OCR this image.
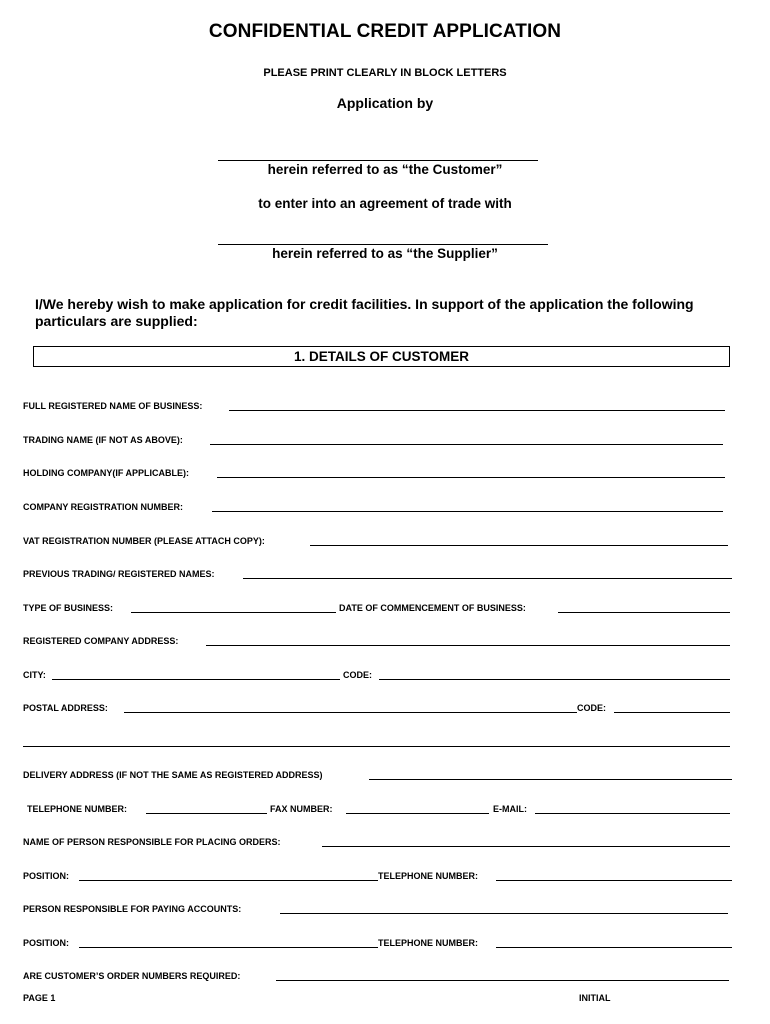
CONFIDENTIAL CREDIT APPLICATION
PLEASE PRINT CLEARLY IN BLOCK LETTERS
Application by
herein referred to as “the Customer”
to enter into an agreement of trade with
herein referred to as “the Supplier”
I/We hereby wish to make application for credit facilities. In support of the application the following particulars are supplied:
1. DETAILS OF CUSTOMER
FULL REGISTERED NAME OF BUSINESS:
TRADING NAME (IF NOT AS ABOVE):
HOLDING COMPANY(IF APPLICABLE):
COMPANY REGISTRATION NUMBER:
VAT REGISTRATION NUMBER (PLEASE ATTACH COPY):
PREVIOUS TRADING/ REGISTERED NAMES:
TYPE OF BUSINESS:	DATE OF COMMENCEMENT OF BUSINESS:
REGISTERED COMPANY ADDRESS:
CITY:	CODE:
POSTAL ADDRESS:	CODE:
DELIVERY ADDRESS (IF NOT THE SAME AS REGISTERED ADDRESS)
TELEPHONE NUMBER:	FAX NUMBER:	E-MAIL:
NAME OF PERSON RESPONSIBLE FOR PLACING ORDERS:
POSITION:	TELEPHONE NUMBER:
PERSON RESPONSIBLE FOR PAYING ACCOUNTS:
POSITION:	TELEPHONE NUMBER:
ARE CUSTOMER’S ORDER NUMBERS REQUIRED:
PAGE 1	INITIAL
